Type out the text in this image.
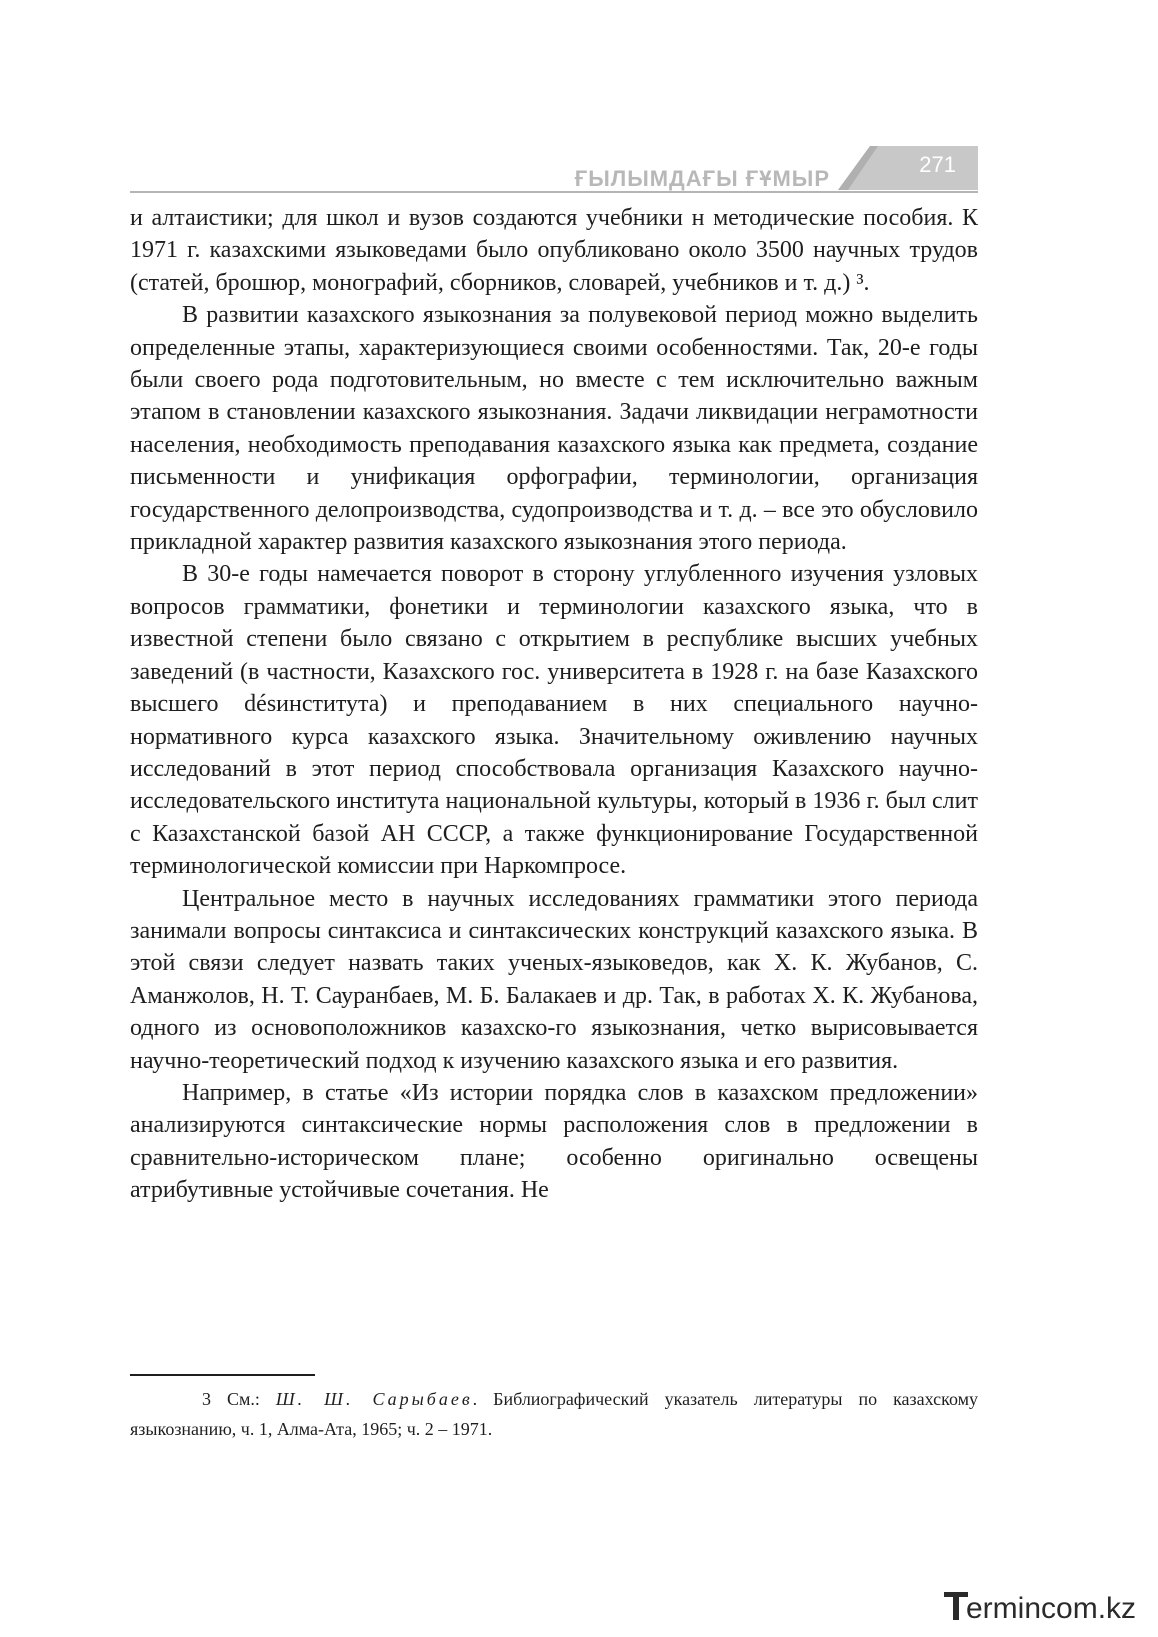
ҒЫЛЫМДАҒЫ ҒҰМЫР
271

и алтаистики; для школ и вузов создаются учебники н методические пособия. К 1971 г. казахскими языковедами было опубликовано около 3500 научных трудов (статей, брошюр, монографий, сборников, словарей, учебников и т. д.) ³.

В развитии казахского языкознания за полувековой период можно выделить определенные этапы, характеризующиеся своими особенностями. Так, 20-е годы были своего рода подготовительным, но вместе с тем исключительно важным этапом в становлении казахского языкознания. Задачи ликвидации неграмотности населения, необходимость преподавания казахского языка как предмета, создание письменности и унификация орфографии, терминологии, организация государственного делопроизводства, судопроизводства и т. д. – все это обусловило прикладной характер развития казахского языкознания этого периода.

В 30-е годы намечается поворот в сторону углубленного изучения узловых вопросов грамматики, фонетики и терминологии казахского языка, что в известной степени было связано с открытием в республике высших учебных заведений (в частности, Казахского гос. университета в 1928 г. на базе Казахского высшего désинститута) и преподаванием в них специального научно-нормативного курса казахского языка. Значительному оживлению научных исследований в этот период способствовала организация Казахского научно-исследовательского института национальной культуры, который в 1936 г. был слит с Казахстанской базой АН СССР, а также функционирование Государственной терминологической комиссии при Наркомпросе.

Центральное место в научных исследованиях грамматики этого периода занимали вопросы синтаксиса и синтаксических конструкций казахского языка. В этой связи следует назвать таких ученых-языковедов, как Х. К. Жубанов, С. Аманжолов, Н. Т. Сауранбаев, М. Б. Балакаев и др. Так, в работах Х. К. Жубанова, одного из основоположников казахско-го языкознания, четко вырисовывается научно-теоретический подход к изучению казахского языка и его развития.

Например, в статье «Из истории порядка слов в казахском предложении» анализируются синтаксические нормы расположения слов в предложении в сравнительно-историческом плане; особенно оригинально освещены атрибутивные устойчивые сочетания. Не

3 См.: Ш. Ш. Сарыбаев. Библиографический указатель литературы по казахскому языкознанию, ч. 1, Алма-Ата, 1965; ч. 2 – 1971.
ermincom.kz
